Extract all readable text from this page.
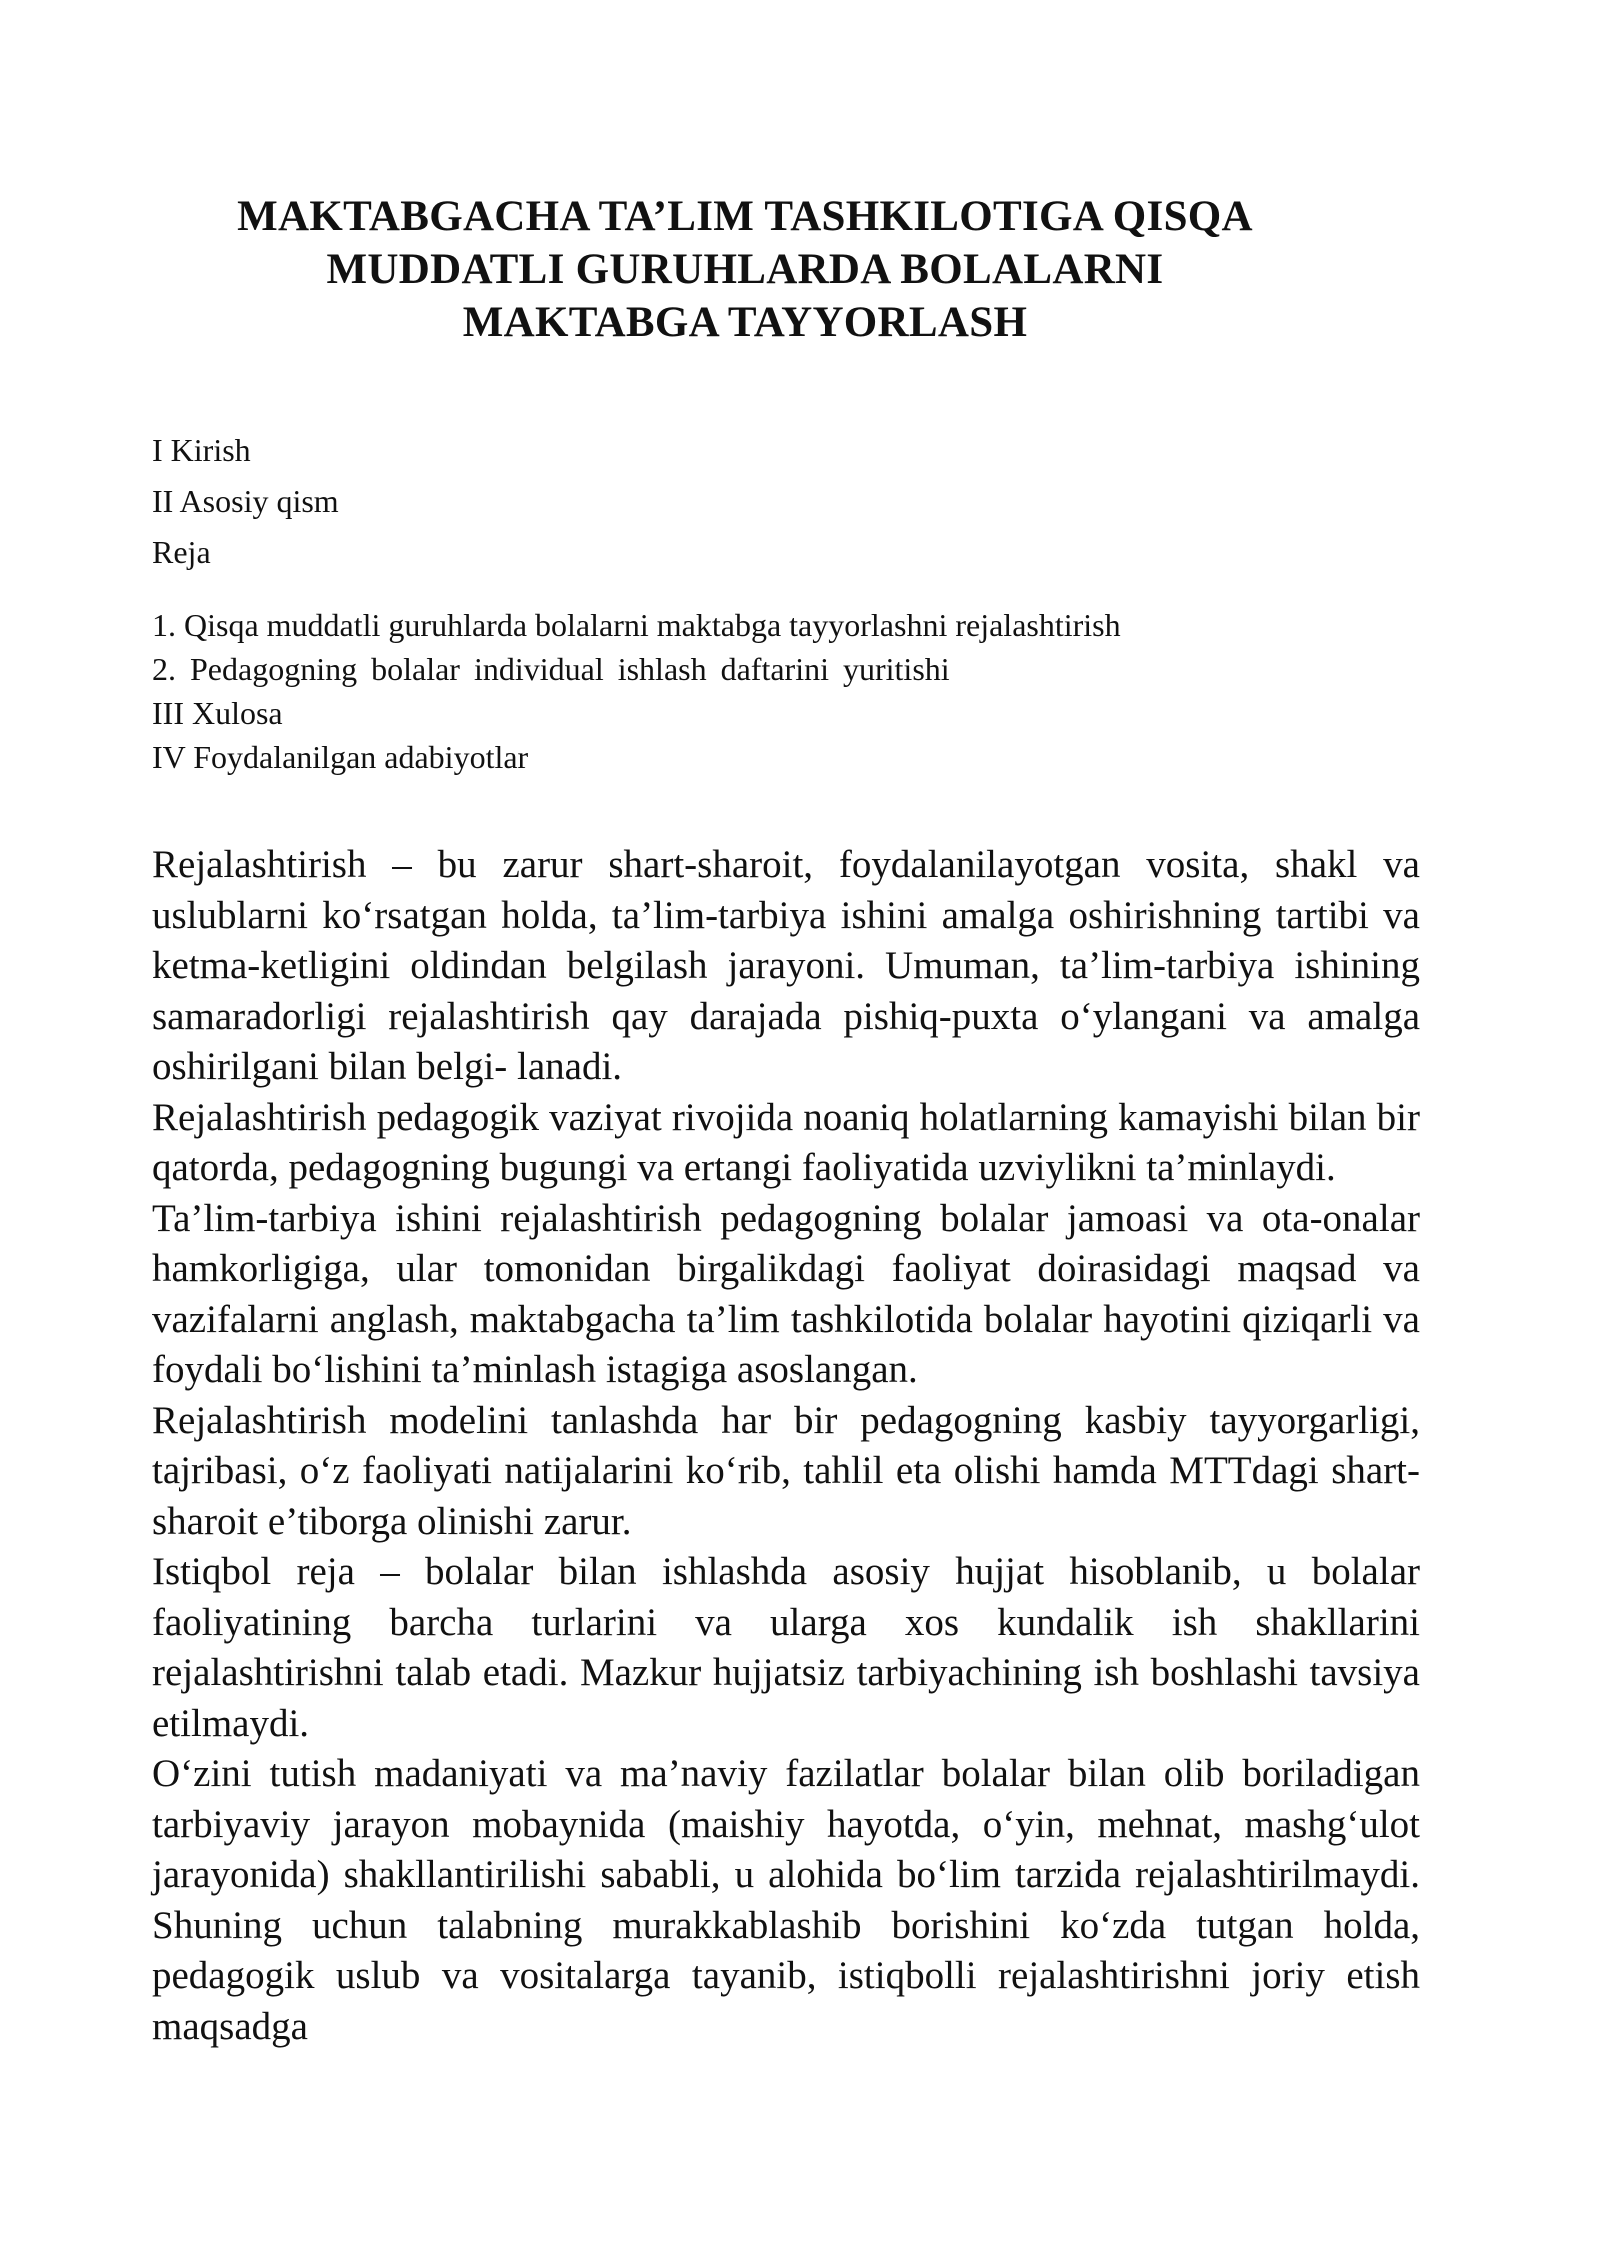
MAKTABGACHA TA’LIM TASHKILOTIGA QISQA
MUDDATLI GURUHLARDA BOLALARNI
MAKTABGA TAYYORLASH
I Kirish
II Asosiy qism
Reja
1. Qisqa muddatli guruhlarda bolalarni maktabga tayyorlashni rejalashtirish
2. Pedagogning bolalar individual ishlash daftarini yuritishi
III Xulosa
IV Foydalanilgan adabiyotlar

Rejalashtirish – bu zarur shart-sharoit, foydalanilayotgan vosita, shakl va uslublarni ko‘rsatgan holda, ta’lim-tarbiya ishini amalga oshirishning tartibi va ketma-ketligini oldindan belgilash jarayoni. Umuman, ta’lim-tarbiya ishining samaradorligi rejalashtirish qay darajada pishiq-puxta o‘ylangani va amalga oshirilgani bilan belgi- lanadi.

Rejalashtirish pedagogik vaziyat rivojida noaniq holatlarning kamayishi bilan bir qatorda, pedagogning bugungi va ertangi faoliyatida uzviylikni ta’minlaydi.

Ta’lim-tarbiya ishini rejalashtirish pedagogning bolalar jamoasi va ota-onalar hamkorligiga, ular tomonidan birgalikdagi faoliyat doirasidagi maqsad va vazifalarni anglash, maktabgacha ta’lim tashkilotida bolalar hayotini qiziqarli va foydali bo‘lishini ta’minlash istagiga asoslangan.

Rejalashtirish modelini tanlashda har bir pedagogning kasbiy tayyorgarligi, tajribasi, o‘z faoliyati natijalarini ko‘rib, tahlil eta olishi hamda MTTdagi shart-sharoit e’tiborga olinishi zarur.

Istiqbol reja – bolalar bilan ishlashda asosiy hujjat hisoblanib, u bolalar faoliyatining barcha turlarini va ularga xos kundalik ish shakllarini rejalashtirishni talab etadi. Mazkur hujjatsiz tarbiyachining ish boshlashi tavsiya etilmaydi.

O‘zini tutish madaniyati va ma’naviy fazilatlar bolalar bilan olib boriladigan tarbiyaviy jarayon mobaynida (maishiy hayotda, o‘yin, mehnat, mashg‘ulot jarayonida) shakllantirilishi sababli, u alohida bo‘lim tarzida rejalashtirilmaydi. Shuning uchun talabning murakkablashib borishini ko‘zda tutgan holda, pedagogik uslub va vositalarga tayanib, istiqbolli rejalashtirishni joriy etish maqsadga
